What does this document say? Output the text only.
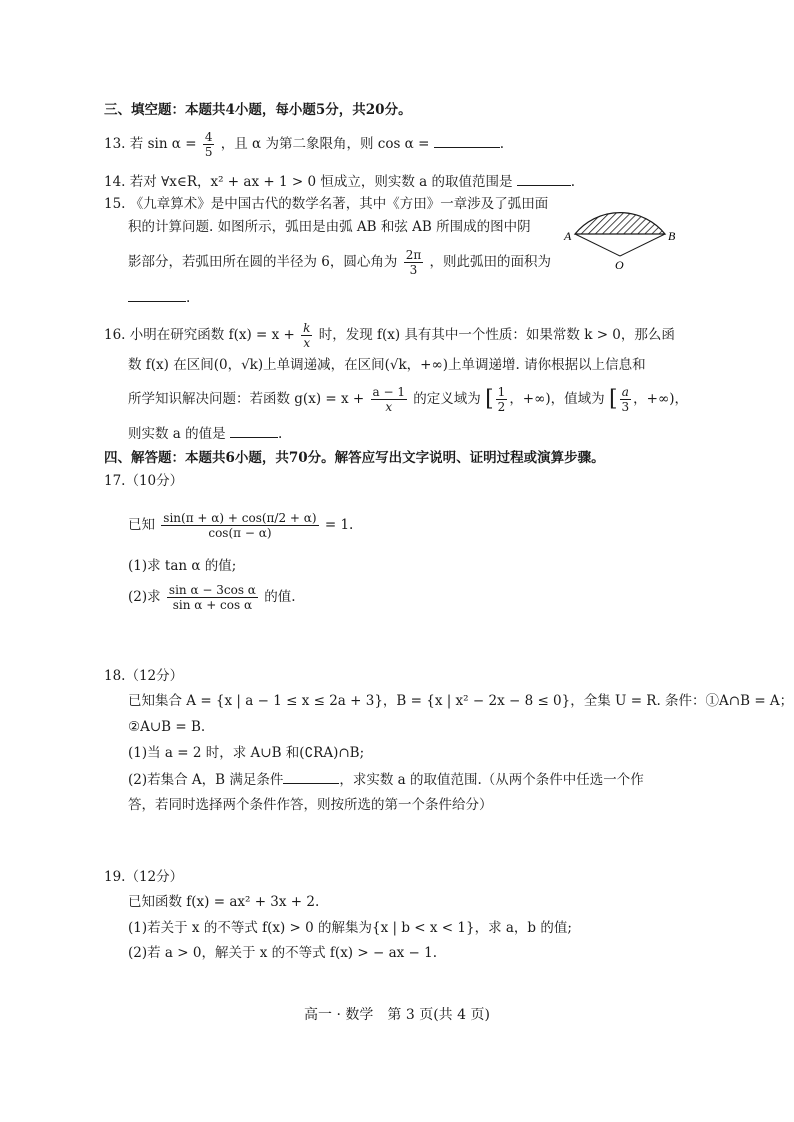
三、填空题：本题共4小题，每小题5分，共20分。
13. 若 $\sin \alpha = \frac{4}{5}$ ，且 α 为第二象限角，则 cos α =	.
14. 若对 ∀x∈R，x² + ax + 1 > 0 恒成立，则实数 a 的取值范围是	.
15. 《九章算术》是中国古代的数学名著，其中《方田》一章涉及了弧田面
积的计算问题. 如图所示，弧田是由弧 AB 和弦 AB 所围成的图中阴
影部分，若弧田所在圆的半径为 6，圆心角为 $\frac{2\pi}{3}$ ，则此弧田的面积为
.
A	B
O
16. 小明在研究函数 $f(x) = x + \frac{k}{x}$ 时，发现 f(x) 具有其中一个性质：如果常数 k > 0，那么函
数 f(x) 在区间(0，√k)上单调递减，在区间(√k，+∞)上单调递增. 请你根据以上信息和
所学知识解决问题：若函数 $g(x) = x + \frac{a - 1}{x}$ 的定义域为 [ $\frac{1}{2}$ ，+∞)，值域为 [ $\frac{a}{3}$ ，+∞)，
则实数 a 的值是	.
四、解答题：本题共6小题，共70分。解答应写出文字说明、证明过程或演算步骤。
17.（10分）
已知 $\frac{\sin(\pi + \alpha) + \cos(\pi/2 + \alpha)}{\cos(\pi - \alpha)} = 1$.
(1)求 tan α 的值;
(2)求 $\frac{\text{sin α − 3cos α}}{\text{sin α + cos α}}$ 的值.
18.（12分）
已知集合 A = {x | a − 1 ≤ x ≤ 2a + 3}，B = {x | x² − 2x − 8 ≤ 0}，全集 U = R. 条件：①A∩B = A；
②A∪B = B.
(1)当 a = 2 时，求 A∪B 和(∁RA)∩B;
(2)若集合 A，B 满足条件	，求实数 a 的取值范围.（从两个条件中任选一个作
答，若同时选择两个条件作答，则按所选的第一个条件给分）
19.（12分）
已知函数 f(x) = ax² + 3x + 2.
(1)若关于 x 的不等式 f(x) > 0 的解集为{x | b < x < 1}，求 a，b 的值;
(2)若 a > 0，解关于 x 的不等式 f(x) > − ax − 1.
高一 · 数学　第 3 页(共 4 页)
